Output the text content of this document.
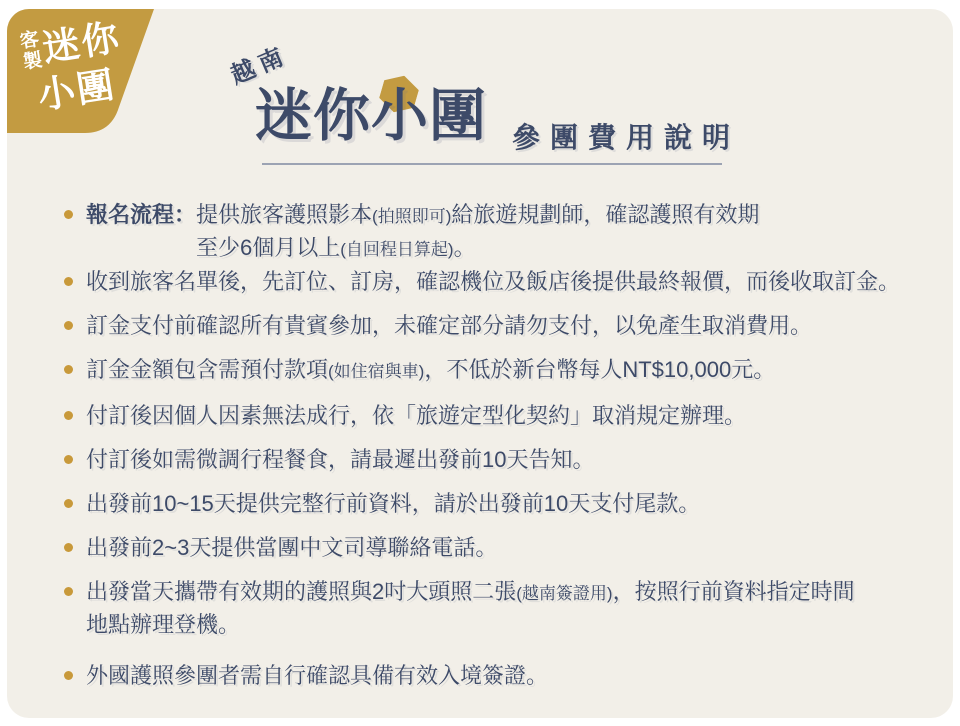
客製
迷你
小團	越南
迷你小團 參團費用說明
報名流程： 提供旅客護照影本(拍照即可)給旅遊規劃師，確認護照有效期
至少6個月以上(自回程日算起)。
收到旅客名單後，先訂位、訂房，確認機位及飯店後提供最終報價，而後收取訂金。
訂金支付前確認所有貴賓參加，未確定部分請勿支付，以免產生取消費用。
訂金金額包含需預付款項(如住宿與車)，不低於新台幣每人NT$10,000元。
付訂後因個人因素無法成行，依「旅遊定型化契約」取消規定辦理。
付訂後如需微調行程餐食，請最遲出發前10天告知。
出發前10~15天提供完整行前資料，請於出發前10天支付尾款。
出發前2~3天提供當團中文司導聯絡電話。
出發當天攜帶有效期的護照與2吋大頭照二張(越南簽證用)，按照行前資料指定時間
地點辦理登機。
外國護照參團者需自行確認具備有效入境簽證。
